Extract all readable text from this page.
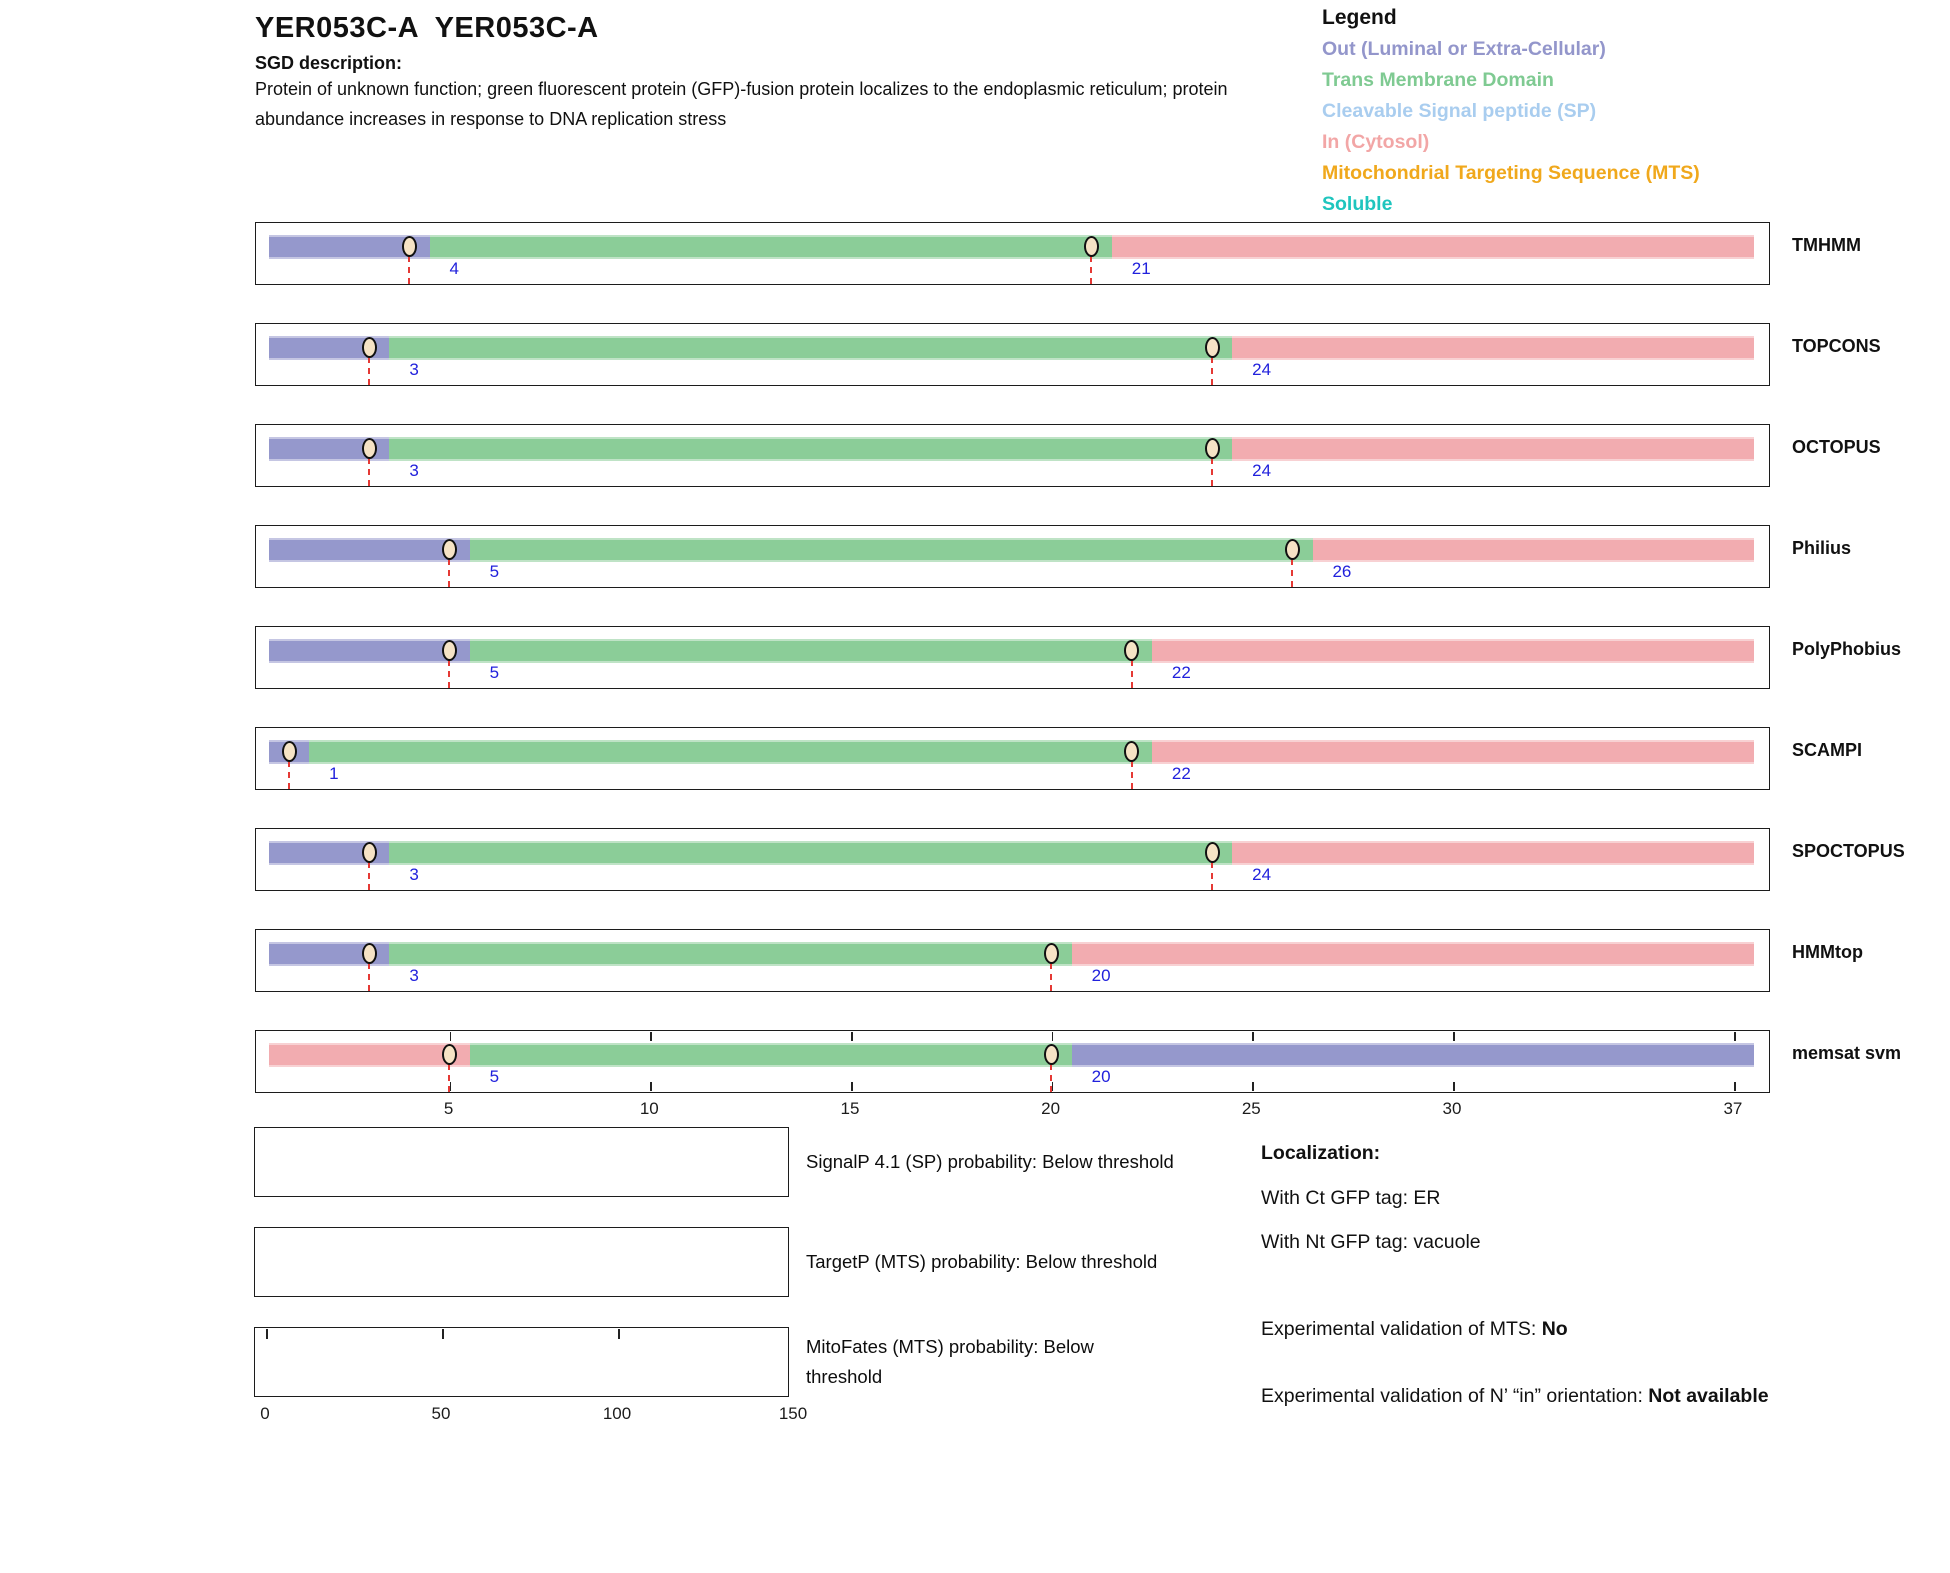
YER053C-A  YER053C-A
SGD description:
Protein of unknown function; green fluorescent protein (GFP)-fusion protein localizes to the endoplasmic reticulum; protein abundance increases in response to DNA replication stress
Legend
Out (Luminal or Extra-Cellular)
Trans Membrane Domain
Cleavable Signal peptide (SP)
In (Cytosol)
Mitochondrial Targeting Sequence (MTS)
Soluble
TMHMM
4	21
TOPCONS
3	24
OCTOPUS
3	24
Philius
5	26
PolyPhobius
5	22
SCAMPI
1	22
SPOCTOPUS
3	24
HMMtop
3	20
5	10	15	20	25	30	37
memsat svm
5	20
SignalP 4.1 (SP) probability: Below threshold
TargetP (MTS) probability: Below threshold
MitoFates (MTS) probability: Below threshold
0	50	100	150
Localization:
With Ct GFP tag: ER
With Nt GFP tag: vacuole
Experimental validation of MTS: No
Experimental validation of N’ “in” orientation: Not available
